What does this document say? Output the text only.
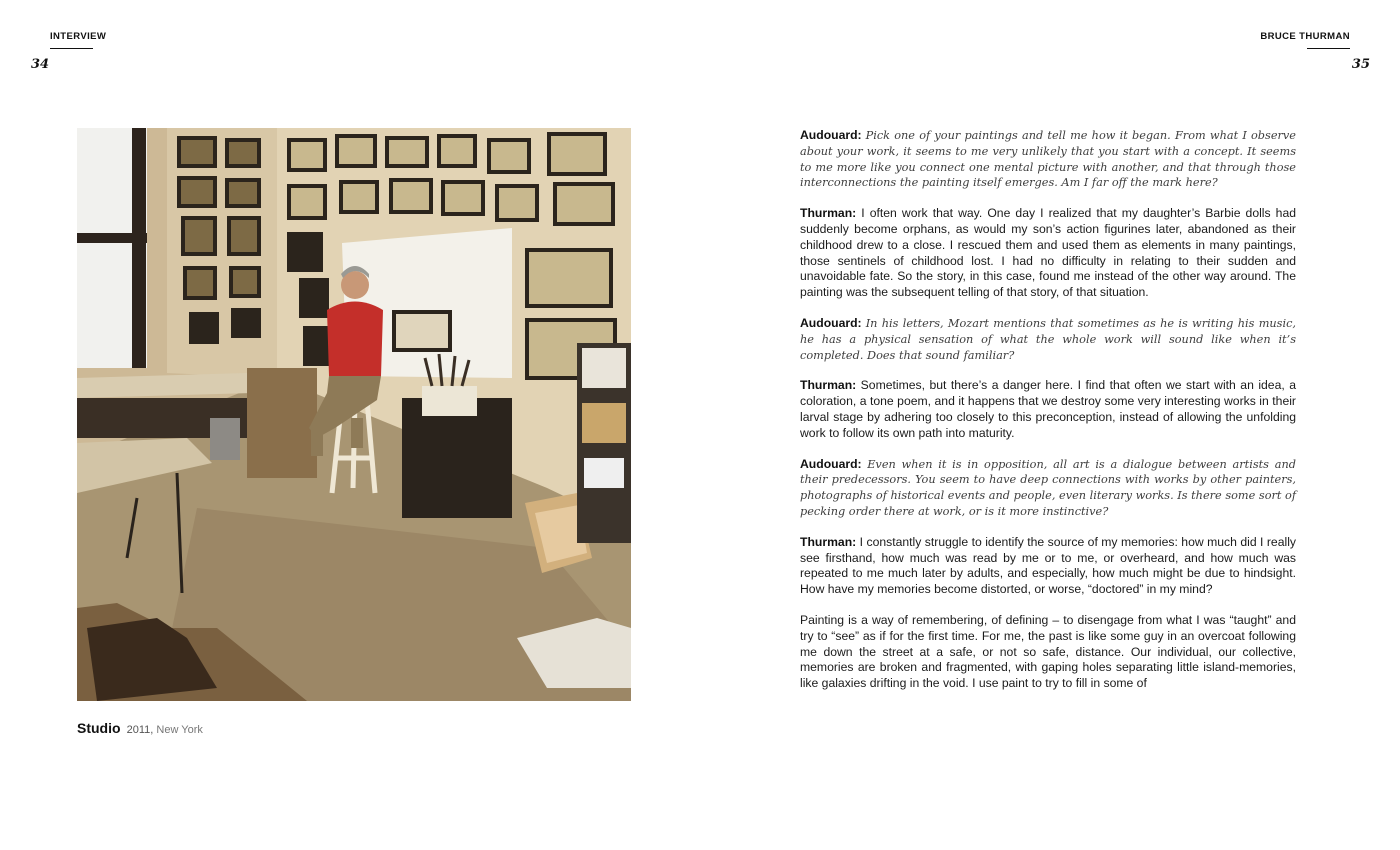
INTERVIEW
34
BRUCE THURMAN
35
Studio 2011, New York

Audouard: Pick one of your paintings and tell me how it began. From what I observe about your work, it seems to me very unlikely that you start with a concept. It seems to me more like you connect one mental picture with another, and that through those interconnections the painting itself emerges. Am I far off the mark here?

Thurman: I often work that way. One day I realized that my daughter’s Barbie dolls had suddenly become orphans, as would my son’s action figurines later, abandoned as their childhood drew to a close. I rescued them and used them as elements in many paintings, those sentinels of childhood lost. I had no difficulty in relating to their sudden and unavoidable fate. So the story, in this case, found me instead of the other way around. The painting was the subsequent telling of that story, of that situation.

Audouard: In his letters, Mozart mentions that sometimes as he is writing his music, he has a physical sensation of what the whole work will sound like when it’s completed. Does that sound familiar?

Thurman: Sometimes, but there’s a danger here. I find that often we start with an idea, a coloration, a tone poem, and it happens that we destroy some very interesting works in their larval stage by adhering too closely to this preconception, instead of allowing the unfolding work to follow its own path into maturity.

Audouard: Even when it is in opposition, all art is a dialogue between artists and their predecessors. You seem to have deep connections with works by other painters, photographs of historical events and people, even literary works. Is there some sort of pecking order there at work, or is it more instinctive?

Thurman: I constantly struggle to identify the source of my memories: how much did I really see firsthand, how much was read by me or to me, or overheard, and how much was repeated to me much later by adults, and especially, how much might be due to hindsight. How have my memories become distorted, or worse, “doctored” in my mind?

Painting is a way of remembering, of defining – to disengage from what I was “taught” and try to “see” as if for the first time. For me, the past is like some guy in an overcoat following me down the street at a safe, or not so safe, distance. Our individual, our collective, memories are broken and fragmented, with gaping holes separating little island-memories, like galaxies drifting in the void. I use paint to try to fill in some of
